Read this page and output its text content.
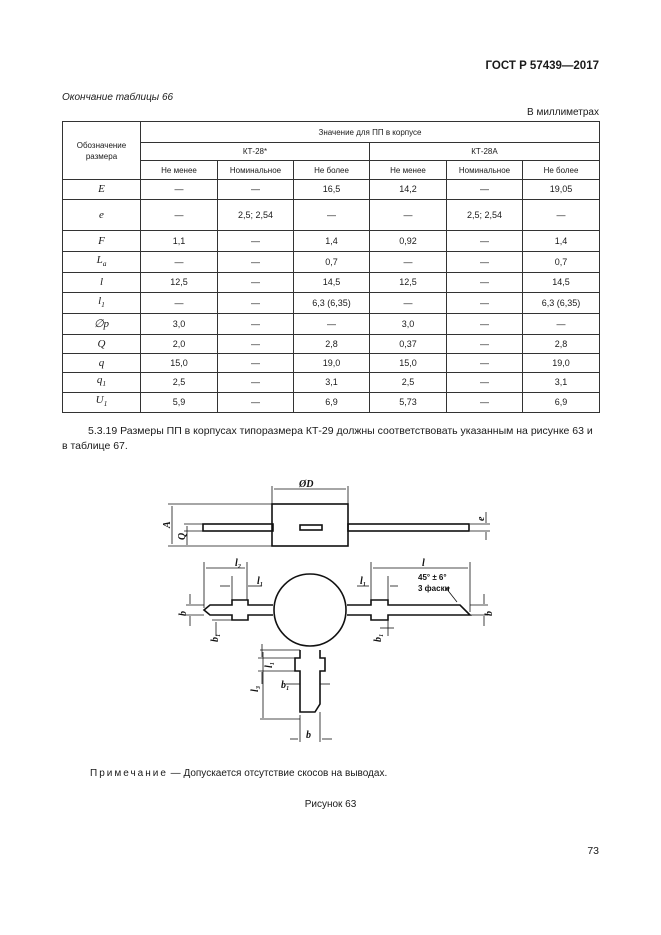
ГОСТ Р 57439—2017
Окончание таблицы 66
В миллиметрах
Обозначение размера	Значение для ПП в корпусе					
	КТ-28*			КТ-28А		
	Не менее	Номинальное	Не более	Не менее	Номинальное	Не более
E	—	—	16,5	14,2	—	19,05
e	—	2,5; 2,54	—	—	2,5; 2,54	—
F	1,1	—	1,4	0,92	—	1,4
$L_a$	—	—	0,7	—	—	0,7
l	12,5	—	14,5	12,5	—	14,5
$l_1$	—	—	6,3 (6,35)	—	—	6,3 (6,35)
∅p	3,0	—	—	3,0	—	—
Q	2,0	—	2,8	0,37	—	2,8
q	15,0	—	19,0	15,0	—	19,0
$q_1$	2,5	—	3,1	2,5	—	3,1
$U_1$	5,9	—	6,9	5,73	—	6,9
5.3.19 Размеры ПП в корпусах типоразмера КТ-29 должны соответствовать указанным на рисунке 63 и в таблице 67.
ØD
A
Q
e
l₂
l₁	l₁
l
45° ± 6°
3 фаски
b	b
b₁	b₁
l₁
l₃ b₁
b
Примечание — Допускается отсутствие скосов на выводах.
Рисунок 63
73
